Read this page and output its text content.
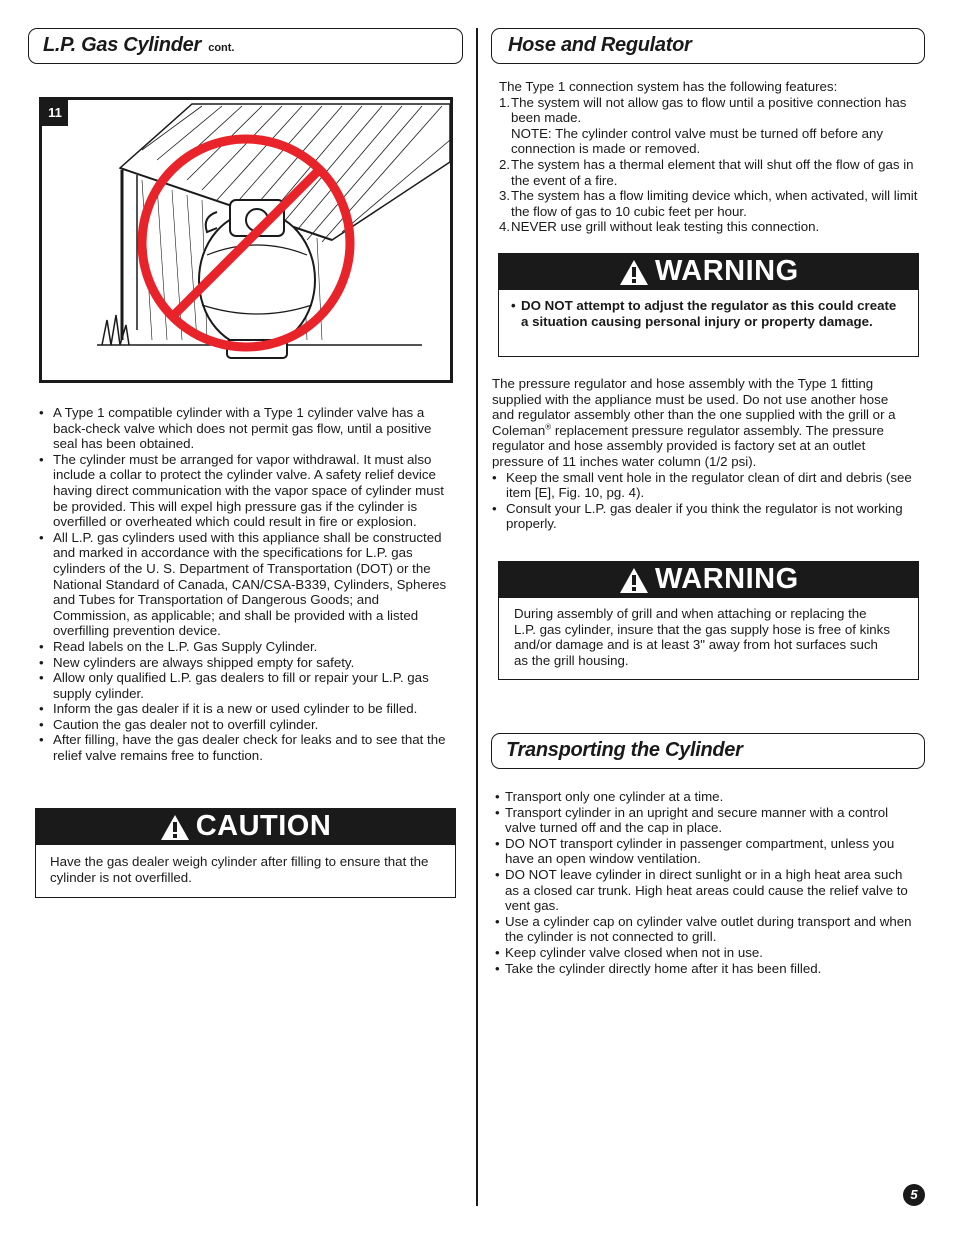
L.P. Gas Cylinder cont.
11
• A Type 1 compatible cylinder with a Type 1 cylinder valve has a back-check valve which does not permit gas flow, until a positive seal has been obtained.
• The cylinder must be arranged for vapor withdrawal. It must also include a collar to protect the cylinder valve. A safety relief device having direct communication with the vapor space of cylinder must be provided. This will expel high pressure gas if the cylinder is overfilled or overheated which could result in fire or explosion.
• All L.P. gas cylinders used with this appliance shall be constructed and marked in accordance with the specifications for L.P. gas cylinders of the U. S. Department of Transportation (DOT) or the National Standard of Canada, CAN/CSA-B339, Cylinders, Spheres and Tubes for Transportation of Dangerous Goods; and Commission, as applicable; and shall be provided with a listed overfilling prevention device.
• Read labels on the L.P. Gas Supply Cylinder.
• New cylinders are always shipped empty for safety.
• Allow only qualified L.P. gas dealers to fill or repair your L.P. gas supply cylinder.
• Inform the gas dealer if it is a new or used cylinder to be filled.
• Caution the gas dealer not to overfill cylinder.
• After filling, have the gas dealer check for leaks and to see that the relief valve remains free to function.
CAUTION
Have the gas dealer weigh cylinder after filling to ensure that the cylinder is not overfilled.
Hose and Regulator
The Type 1 connection system has the following features:
1. The system will not allow gas to flow until a positive connection has been made.
NOTE: The cylinder control valve must be turned off before any connection is made or removed.
2. The system has a thermal element that will shut off the flow of gas in the event of a fire.
3. The system has a flow limiting device which, when activated, will limit the flow of gas to 10 cubic feet per hour.
4. NEVER use grill without leak testing this connection.
WARNING
• DO NOT attempt to adjust the regulator as this could create a situation causing personal injury or property damage.

The pressure regulator and hose assembly with the Type 1 fitting supplied with the appliance must be used. Do not use another hose and regulator assembly other than the one supplied with the grill or a Coleman® replacement pressure regulator assembly. The pressure regulator and hose assembly provided is factory set at an outlet pressure of 11 inches water column (1/2 psi).

• Keep the small vent hole in the regulator clean of dirt and debris (see item [E], Fig. 10, pg. 4).
• Consult your L.P. gas dealer if you think the regulator is not working properly.
WARNING
During assembly of grill and when attaching or replacing the L.P. gas cylinder, insure that the gas supply hose is free of kinks and/or damage and is at least 3" away from hot surfaces such as the grill housing.
Transporting the Cylinder
• Transport only one cylinder at a time.
• Transport cylinder in an upright and secure manner with a control valve turned off and the cap in place.
• DO NOT transport cylinder in passenger compartment, unless you have an open window ventilation.
• DO NOT leave cylinder in direct sunlight or in a high heat area such as a closed car trunk. High heat areas could cause the relief valve to vent gas.
• Use a cylinder cap on cylinder valve outlet during transport and when the cylinder is not connected to grill.
• Keep cylinder valve closed when not in use.
• Take the cylinder directly home after it has been filled.
5
